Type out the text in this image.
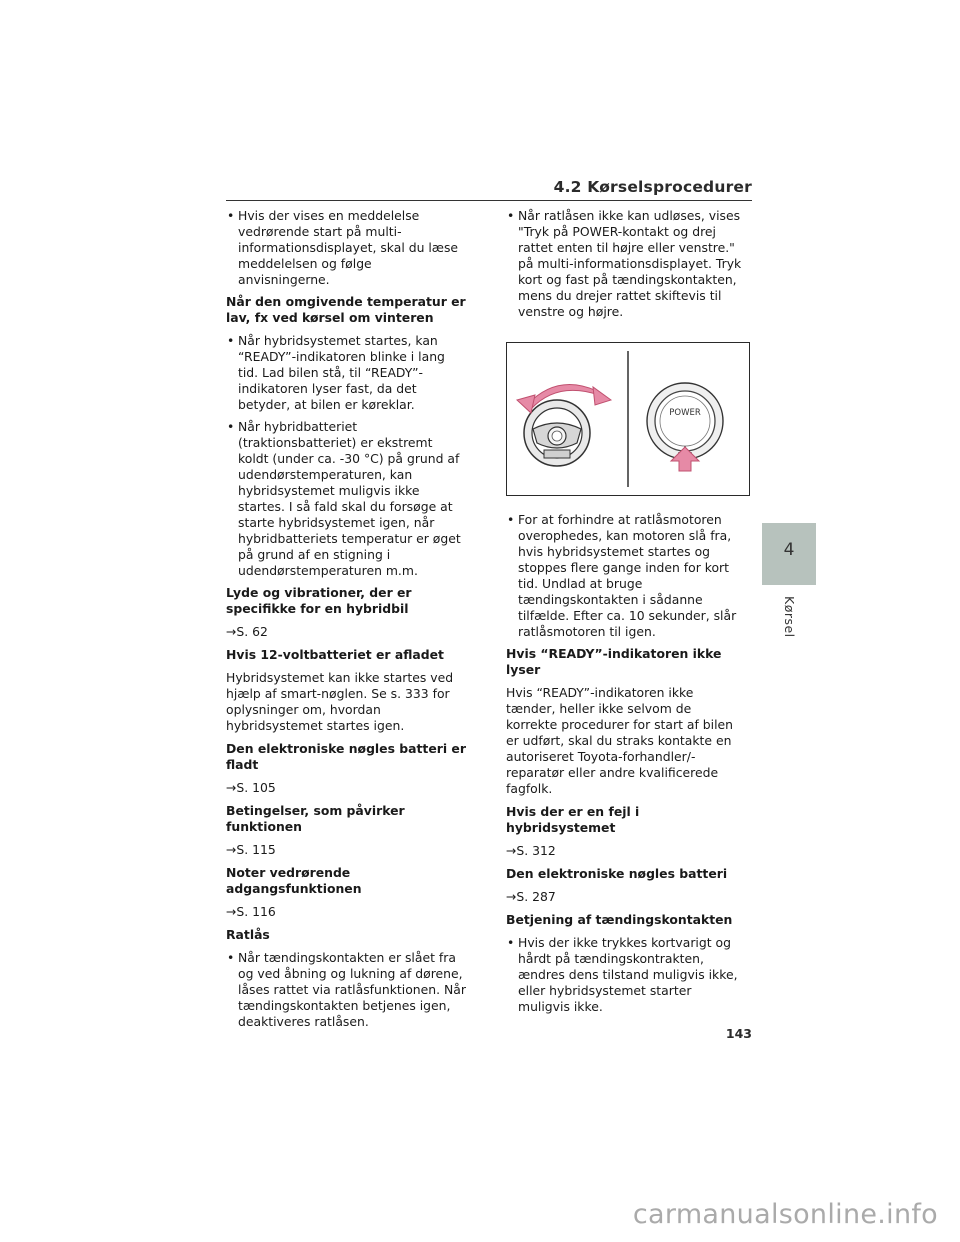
4.2 Kørselsprocedurer
• Hvis der vises en meddelelse vedrørende start på multi-informationsdisplayet, skal du læse meddelelsen og følge anvisningerne.
Når den omgivende temperatur er lav, fx ved kørsel om vinteren
• Når hybridsystemet startes, kan “READY”-indikatoren blinke i lang tid. Lad bilen stå, til “READY”-indikatoren lyser fast, da det betyder, at bilen er køreklar.
• Når hybridbatteriet (traktionsbatteriet) er ekstremt koldt (under ca. -30 °C) på grund af udendørstemperaturen, kan hybridsystemet muligvis ikke startes. I så fald skal du forsøge at starte hybridsystemet igen, når hybridbatteriets temperatur er øget på grund af en stigning i udendørstemperaturen m.m.
Lyde og vibrationer, der er specifikke for en hybridbil
→S. 62
Hvis 12-voltbatteriet er afladet
Hybridsystemet kan ikke startes ved hjælp af smart-nøglen. Se s. 333 for oplysninger om, hvordan hybridsystemet startes igen.
Den elektroniske nøgles batteri er fladt
→S. 105
Betingelser, som påvirker funktionen
→S. 115
Noter vedrørende adgangsfunktionen
→S. 116
Ratlås
• Når tændingskontakten er slået fra og ved åbning og lukning af dørene, låses rattet via ratlåsfunktionen. Når tændingskontakten betjenes igen, deaktiveres ratlåsen.
• Når ratlåsen ikke kan udløses, vises "Tryk på POWER-kontakt og drej rattet enten til højre eller venstre." på multi-informationsdisplayet. Tryk kort og fast på tændingskontakten, mens du drejer rattet skiftevis til venstre og højre.
POWER
• For at forhindre at ratlåsmotoren overophedes, kan motoren slå fra, hvis hybridsystemet startes og stoppes flere gange inden for kort tid. Undlad at bruge tændingskontakten i sådanne tilfælde. Efter ca. 10 sekunder, slår ratlåsmotoren til igen.
Hvis “READY”-indikatoren ikke lyser
Hvis “READY”-indikatoren ikke tænder, heller ikke selvom de korrekte procedurer for start af bilen er udført, skal du straks kontakte en autoriseret Toyota-forhandler/-reparatør eller andre kvalificerede fagfolk.
Hvis der er en fejl i hybridsystemet
→S. 312
Den elektroniske nøgles batteri
→S. 287
Betjening af tændingskontakten
• Hvis der ikke trykkes kortvarigt og hårdt på tændingskontrakten, ændres dens tilstand muligvis ikke, eller hybridsystemet starter muligvis ikke.
4
Kørsel
143
carmanualsonline.info
